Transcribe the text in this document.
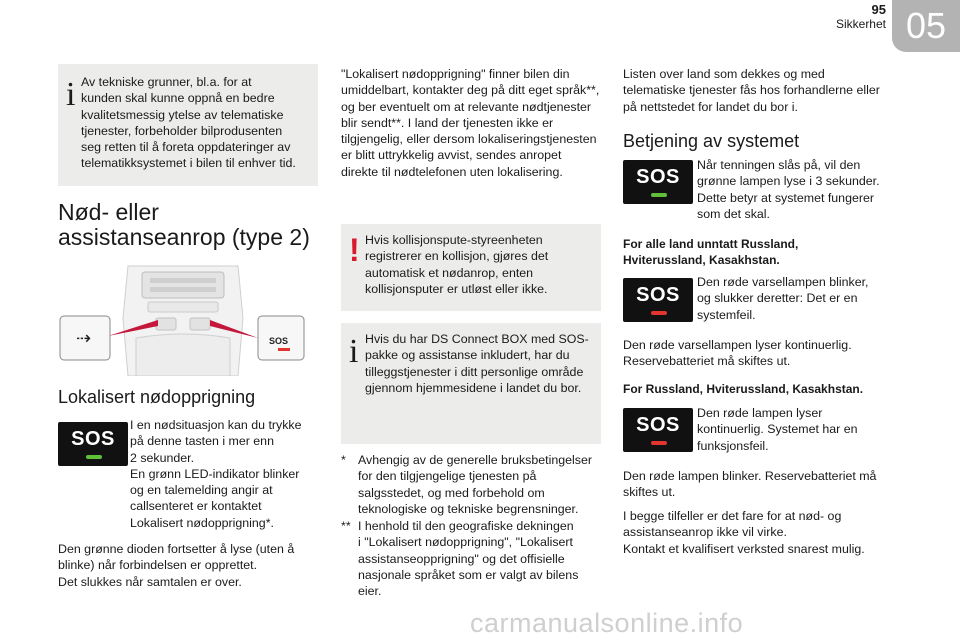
95
Sikkerhet 05
i Av tekniske grunner, bl.a. for at
kunden skal kunne oppnå en bedre
kvalitetsmessig ytelse av telematiske
tjenester, forbeholder bilprodusenten
seg retten til å foreta oppdateringer av
telematikksystemet i bilen til enhver tid.
Nød- eller
assistanseanrop (type 2)
⇢	SOS
Lokalisert nødopprigning
SOS
I en nødsituasjon kan du trykke
på denne tasten i mer enn
2 sekunder.
En grønn LED-indikator blinker
og en talemelding angir at
callsenteret er kontaktet
Lokalisert nødopprigning*.
Den grønne dioden fortsetter å lyse (uten å
blinke) når forbindelsen er opprettet.
Det slukkes når samtalen er over.
"Lokalisert nødopprigning" finner bilen din
umiddelbart, kontakter deg på ditt eget språk**,
og ber eventuelt om at relevante nødtjenester
blir sendt**. I land der tjenesten ikke er
tilgjengelig, eller dersom lokaliseringstjenesten
er blitt uttrykkelig avvist, sendes anropet
direkte til nødtelefonen uten lokalisering.
! Hvis kollisjonspute-styreenheten
registrerer en kollisjon, gjøres det
automatisk et nødanrop, enten
kollisjonsputer er utløst eller ikke.
i Hvis du har DS Connect BOX med SOS-
pakke og assistanse inkludert, har du
tilleggstjenester i ditt personlige område
gjennom hjemmesidene i landet du bor.
* Avhengig av de generelle bruksbetingelser
for den tilgjengelige tjenesten på
salgsstedet, og med forbehold om
teknologiske og tekniske begrensninger.
** I henhold til den geografiske dekningen
i "Lokalisert nødopprigning", "Lokalisert
assistanseopprigning" og det offisielle
nasjonale språket som er valgt av bilens
eier.
Listen over land som dekkes og med
telematiske tjenester fås hos forhandlerne eller
på nettstedet for landet du bor i.
Betjening av systemet
SOS
Når tenningen slås på, vil den
grønne lampen lyse i 3 sekunder.
Dette betyr at systemet fungerer
som det skal.
For alle land unntatt Russland,
Hviterussland, Kasakhstan.
SOS
Den røde varsellampen blinker,
og slukker deretter: Det er en
systemfeil.
Den røde varsellampen lyser kontinuerlig.
Reservebatteriet må skiftes ut.
For Russland, Hviterussland, Kasakhstan.
SOS
Den røde lampen lyser
kontinuerlig. Systemet har en
funksjonsfeil.
Den røde lampen blinker. Reservebatteriet må
skiftes ut.
I begge tilfeller er det fare for at nød- og
assistanseanrop ikke vil virke.
Kontakt et kvalifisert verksted snarest mulig.
carmanualsonline.info
